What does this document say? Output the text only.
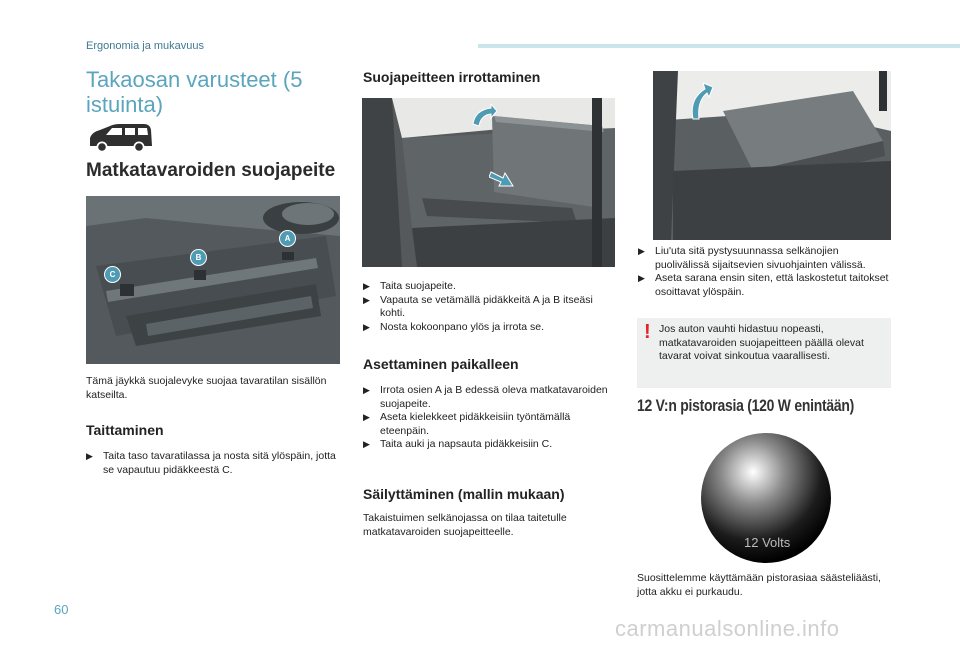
Ergonomia ja mukavuus
Takaosan varusteet (5 istuinta)
Matkatavaroiden suojapeite
C
B
A
Tämä jäykkä suojalevyke suojaa tavaratilan sisällön katseilta.
Taittaminen
▶ Taita taso tavaratilassa ja nosta sitä ylöspäin, jotta se vapautuu pidäkkeestä C.
Suojapeitteen irrottaminen
▶ Taita suojapeite.
▶ Vapauta se vetämällä pidäkkeitä A ja B itseäsi kohti.
▶ Nosta kokoonpano ylös ja irrota se.
Asettaminen paikalleen
▶ Irrota osien A ja B edessä oleva matkatavaroiden suojapeite.
▶ Aseta kielekkeet pidäkkeisiin työntämällä eteenpäin.
▶ Taita auki ja napsauta pidäkkeisiin C.
Säilyttäminen (mallin mukaan)
Takaistuimen selkänojassa on tilaa taitetulle matkatavaroiden suojapeitteelle.
▶ Liu'uta sitä pystysuunnassa selkänojien puolivälissä sijaitsevien sivuohjainten välissä.
▶ Aseta sarana ensin siten, että laskostetut taitokset osoittavat ylöspäin.
! Jos auton vauhti hidastuu nopeasti, matkatavaroiden suojapeitteen päällä olevat tavarat voivat sinkoutua vaarallisesti.
12 V:n pistorasia (120 W enintään)
12 Volts
Suosittelemme käyttämään pistorasiaa säästeliäästi, jotta akku ei purkaudu.
60
carmanualsonline.info
